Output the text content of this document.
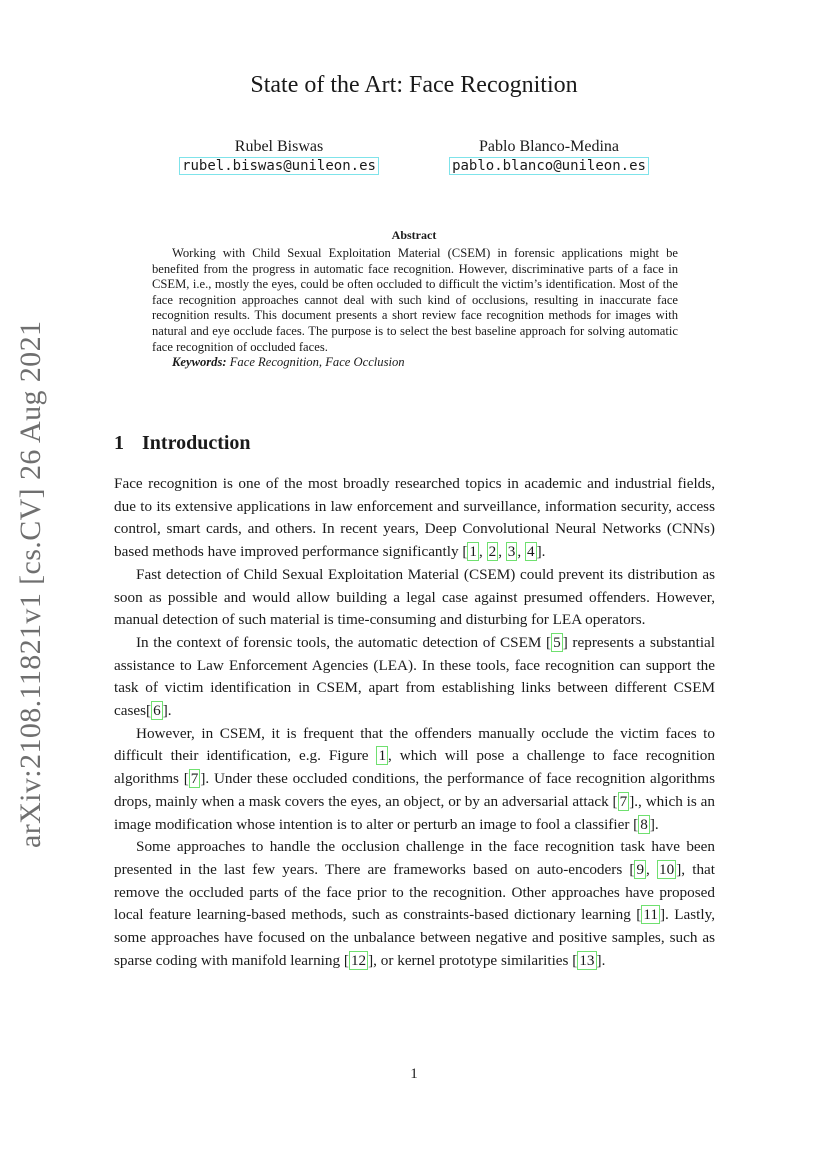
arXiv:2108.11821v1 [cs.CV] 26 Aug 2021
State of the Art: Face Recognition
Rubel Biswas
rubel.biswas@unileon.es
Pablo Blanco-Medina
pablo.blanco@unileon.es
Abstract

Working with Child Sexual Exploitation Material (CSEM) in forensic applications might be benefited from the progress in automatic face recognition. However, discriminative parts of a face in CSEM, i.e., mostly the eyes, could be often occluded to difficult the victim’s identification. Most of the face recognition approaches cannot deal with such kind of occlusions, resulting in inaccurate face recognition results. This document presents a short review face recognition methods for images with natural and eye occlude faces. The purpose is to select the best baseline approach for solving automatic face recognition of occluded faces.

Keywords: Face Recognition, Face Occlusion

1 Introduction

Face recognition is one of the most broadly researched topics in academic and industrial fields, due to its extensive applications in law enforcement and surveillance, information security, access control, smart cards, and others. In recent years, Deep Convolutional Neural Networks (CNNs) based methods have improved performance significantly [ 1 , 2 , 3 , 4 ].

Fast detection of Child Sexual Exploitation Material (CSEM) could prevent its distribution as soon as possible and would allow building a legal case against presumed offenders. However, manual detection of such material is time-consuming and disturbing for LEA operators.

In the context of forensic tools, the automatic detection of CSEM [ 5 ] represents a substantial assistance to Law Enforcement Agencies (LEA). In these tools, face recognition can support the task of victim identification in CSEM, apart from establishing links between different CSEM cases[ 6 ].

However, in CSEM, it is frequent that the offenders manually occlude the victim faces to difficult their identification, e.g. Figure 1 , which will pose a challenge to face recognition algorithms [ 7 ]. Under these occluded conditions, the performance of face recognition algorithms drops, mainly when a mask covers the eyes, an object, or by an adversarial attack [ 7 ]., which is an image modification whose intention is to alter or perturb an image to fool a classifier [ 8 ].

Some approaches to handle the occlusion challenge in the face recognition task have been presented in the last few years. There are frameworks based on auto-encoders [ 9 , 10 ], that remove the occluded parts of the face prior to the recognition. Other approaches have proposed local feature learning-based methods, such as constraints-based dictionary learning [ 11 ]. Lastly, some approaches have focused on the unbalance between negative and positive samples, such as sparse coding with manifold learning [ 12 ], or kernel prototype similarities [ 13 ].

1
